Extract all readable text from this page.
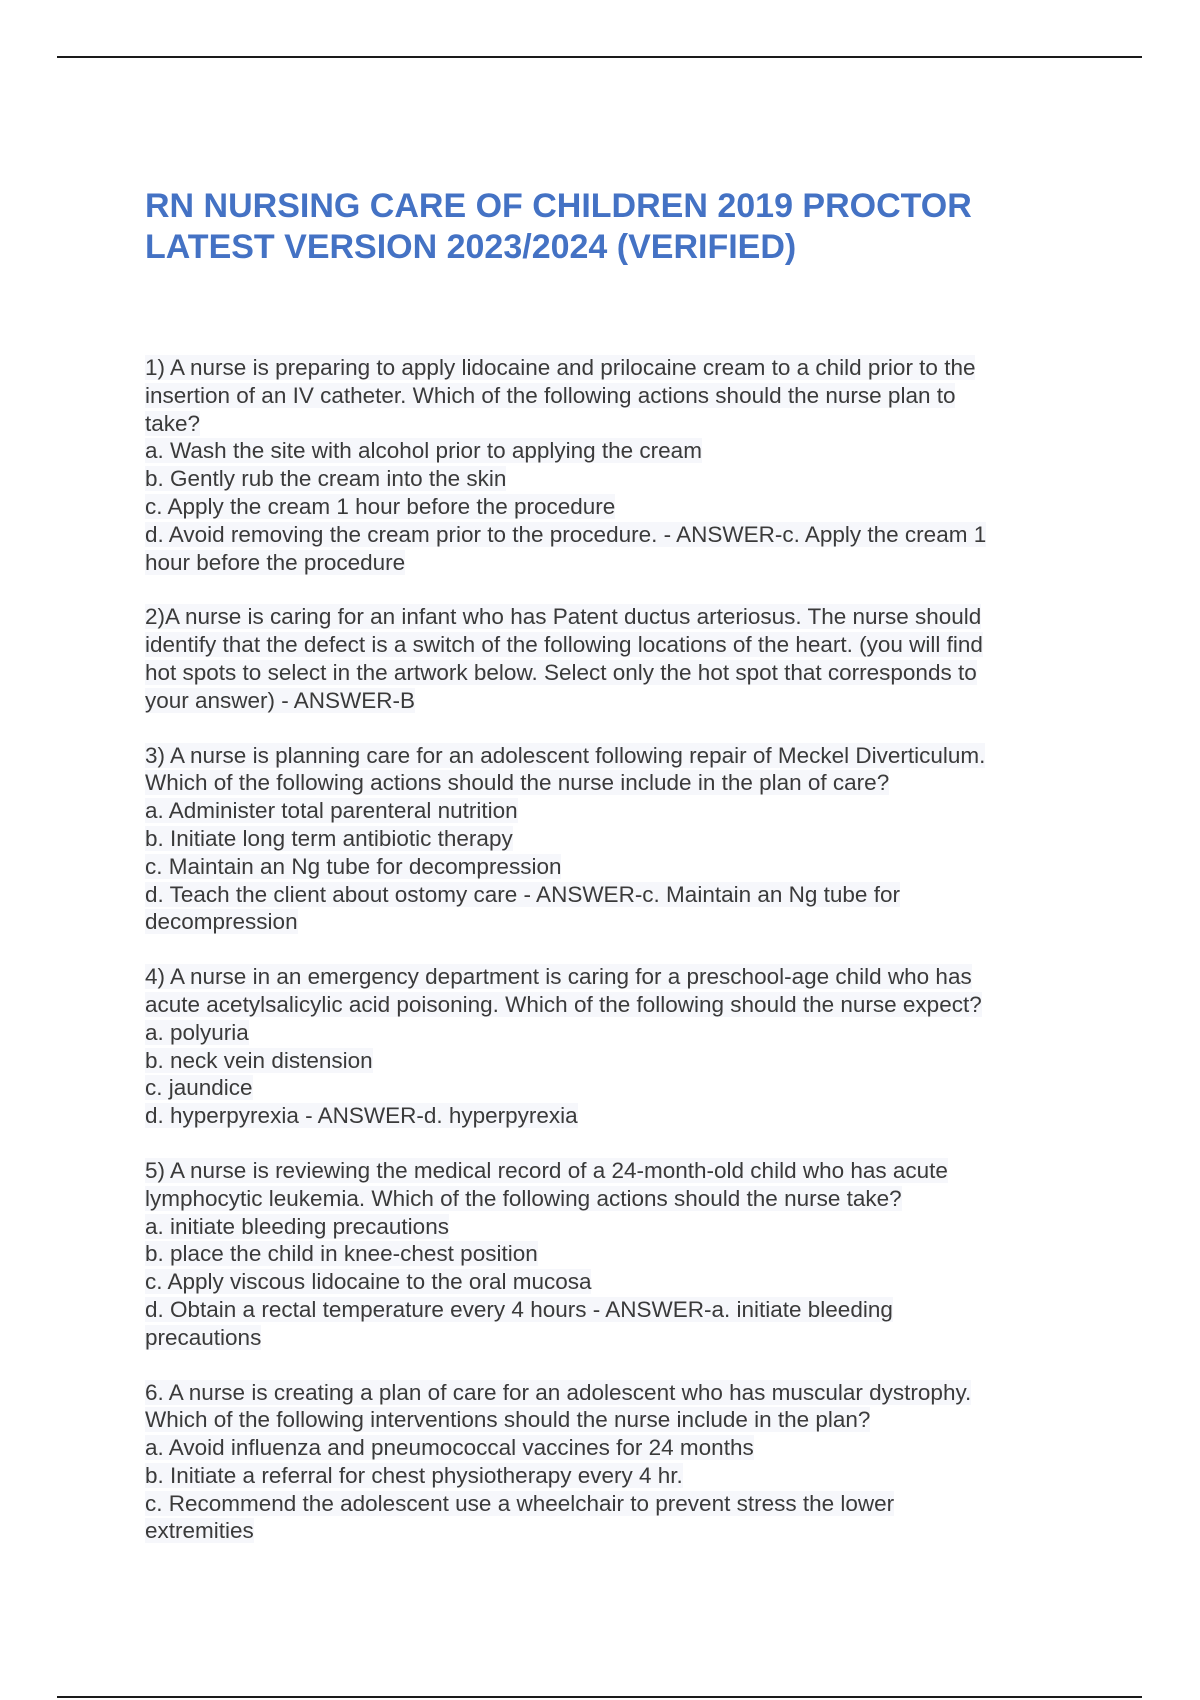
RN NURSING CARE OF CHILDREN 2019 PROCTOR
LATEST VERSION 2023/2024 (VERIFIED)
1) A nurse is preparing to apply lidocaine and prilocaine cream to a child prior to the
insertion of an IV catheter. Which of the following actions should the nurse plan to
take?
a. Wash the site with alcohol prior to applying the cream
b. Gently rub the cream into the skin
c. Apply the cream 1 hour before the procedure
d. Avoid removing the cream prior to the procedure. - ANSWER-c. Apply the cream 1
hour before the procedure
2)A nurse is caring for an infant who has Patent ductus arteriosus. The nurse should
identify that the defect is a switch of the following locations of the heart. (you will find
hot spots to select in the artwork below. Select only the hot spot that corresponds to
your answer) - ANSWER-B
3) A nurse is planning care for an adolescent following repair of Meckel Diverticulum.
Which of the following actions should the nurse include in the plan of care?
a. Administer total parenteral nutrition
b. Initiate long term antibiotic therapy
c. Maintain an Ng tube for decompression
d. Teach the client about ostomy care - ANSWER-c. Maintain an Ng tube for
decompression
4) A nurse in an emergency department is caring for a preschool-age child who has
acute acetylsalicylic acid poisoning. Which of the following should the nurse expect?
a. polyuria
b. neck vein distension
c. jaundice
d. hyperpyrexia - ANSWER-d. hyperpyrexia
5) A nurse is reviewing the medical record of a 24-month-old child who has acute
lymphocytic leukemia. Which of the following actions should the nurse take?
a. initiate bleeding precautions
b. place the child in knee-chest position
c. Apply viscous lidocaine to the oral mucosa
d. Obtain a rectal temperature every 4 hours - ANSWER-a. initiate bleeding
precautions
6. A nurse is creating a plan of care for an adolescent who has muscular dystrophy.
Which of the following interventions should the nurse include in the plan?
a. Avoid influenza and pneumococcal vaccines for 24 months
b. Initiate a referral for chest physiotherapy every 4 hr.
c. Recommend the adolescent use a wheelchair to prevent stress the lower
extremities
